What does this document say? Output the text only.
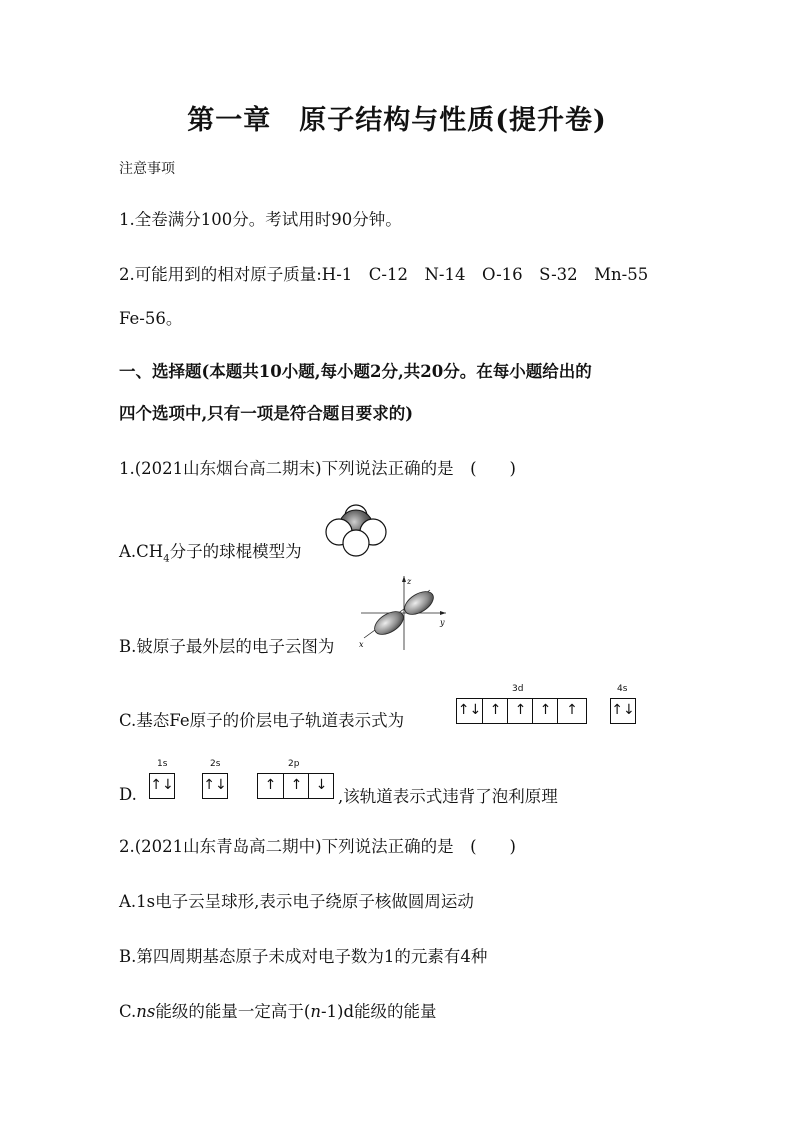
第一章　原子结构与性质(提升卷)
注意事项
1.全卷满分100分。考试用时90分钟。
2.可能用到的相对原子质量:H-1　C-12　N-14　O-16　S-32　Mn-55
Fe-56。
一、选择题(本题共10小题,每小题2分,共20分。在每小题给出的
四个选项中,只有一项是符合题目要求的)
1.(2021山东烟台高二期末)下列说法正确的是　(　　)
$A.CH_4$分子的球棍模型为
B.铍原子最外层的电子云图为
z
y
x
C.基态Fe原子的价层电子轨道表示式为
3d	4s
↑↓ ↑ ↑ ↑	↑	↑↓
D.
1s	2s	2p
↑↓ ↑↓	↑	↑ ↓
,该轨道表示式违背了泡利原理
2.(2021山东青岛高二期中)下列说法正确的是　(　　)
A.1s电子云呈球形,表示电子绕原子核做圆周运动
B.第四周期基态原子未成对电子数为1的元素有4种
C.ns能级的能量一定高于(n-1)d能级的能量
